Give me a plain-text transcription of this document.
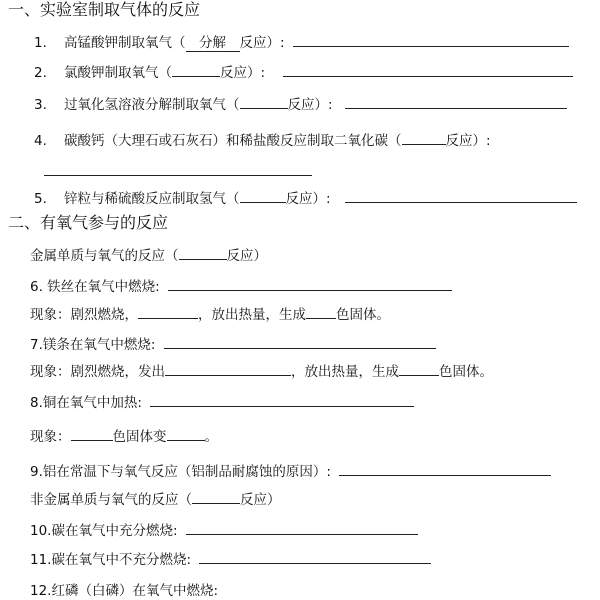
一、实验室制取气体的反应
1. 高锰酸钾制取氧气（ 分解 反应）:
2. 氯酸钾制取氧气（	反应）:
3. 过氧化氢溶液分解制取氧气（	反应）:
4. 碳酸钙（大理石或石灰石）和稀盐酸反应制取二氧化碳（	反应）:
5. 锌粒与稀硫酸反应制取氢气（	反应）:
二、有氧气参与的反应
金属单质与氧气的反应（	反应）
6. 铁丝在氧气中燃烧:
现象：剧烈燃烧，	，放出热量，生成 色固体。
7.镁条在氧气中燃烧:
现象：剧烈燃烧，发出	，放出热量，生成	色固体。
8.铜在氧气中加热:
现象：	色固体变	。
9.铝在常温下与氧气反应（铝制品耐腐蚀的原因）:
非金属单质与氧气的反应（	反应）
10.碳在氧气中充分燃烧:
11.碳在氧气中不充分燃烧:
12.红磷（白磷）在氧气中燃烧:
